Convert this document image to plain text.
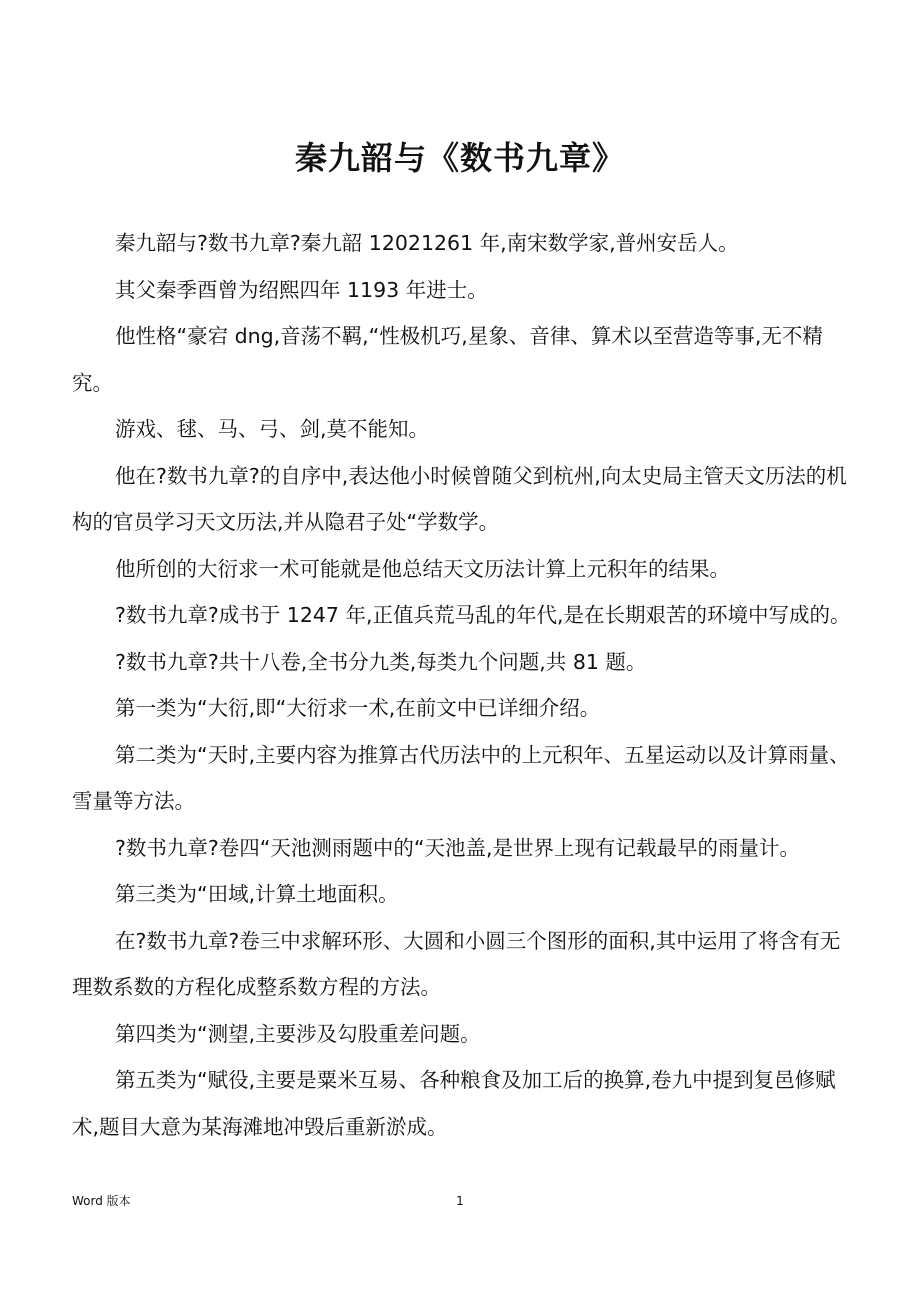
秦九韶与《数书九章》

秦九韶与?数书九章?秦九韶 12021261 年,南宋数学家,普州安岳人。

其父秦季酉曾为绍熙四年 1193 年进士。

他性格“豪宕 dng,音荡不羁,“性极机巧,星象、音律、算术以至营造等事,无不精究。

游戏、毬、马、弓、剑,莫不能知。

他在?数书九章?的自序中,表达他小时候曾随父到杭州,向太史局主管天文历法的机构的官员学习天文历法,并从隐君子处“学数学。

他所创的大衍求一术可能就是他总结天文历法计算上元积年的结果。

?数书九章?成书于 1247 年,正值兵荒马乱的年代,是在长期艰苦的环境中写成的。

?数书九章?共十八卷,全书分九类,每类九个问题,共 81 题。

第一类为“大衍,即“大衍求一术,在前文中已详细介绍。

第二类为“天时,主要内容为推算古代历法中的上元积年、五星运动以及计算雨量、雪量等方法。

?数书九章?卷四“天池测雨题中的“天池盖,是世界上现有记载最早的雨量计。

第三类为“田域,计算土地面积。

在?数书九章?卷三中求解环形、大圆和小圆三个图形的面积,其中运用了将含有无理数系数的方程化成整系数方程的方法。

第四类为“测望,主要涉及勾股重差问题。

第五类为“赋役,主要是粟米互易、各种粮食及加工后的换算,卷九中提到复邑修赋术,题目大意为某海滩地冲毁后重新淤成。

Word 版本	1
